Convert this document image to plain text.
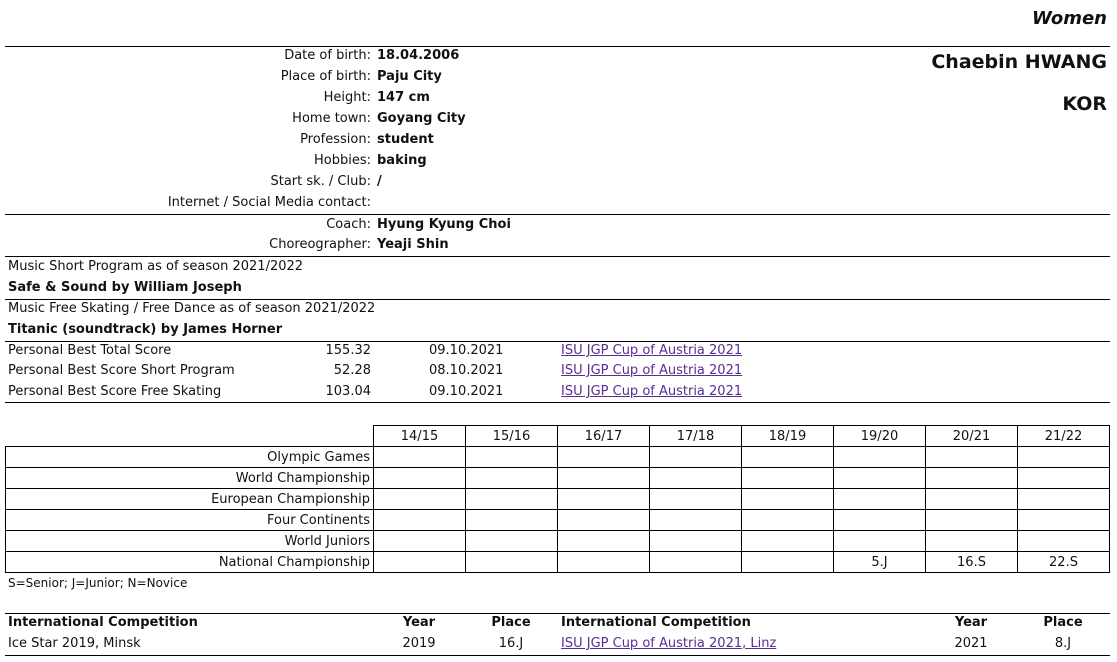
Women
Chaebin HWANG
KOR
Date of birth: 18.04.2006
Place of birth: Paju City
Height: 147 cm
Home town: Goyang City
Profession: student
Hobbies: baking
Start sk. / Club: /
Internet / Social Media contact:
Coach: Hyung Kyung Choi
Choreographer: Yeaji Shin
Music Short Program as of season 2021/2022
Safe & Sound by William Joseph
Music Free Skating / Free Dance as of season 2021/2022
Titanic (soundtrack) by James Horner
Personal Best Total Score	155.32	09.10.2021	ISU JGP Cup of Austria 2021
Personal Best Score Short Program	52.28	08.10.2021	ISU JGP Cup of Austria 2021
Personal Best Score Free Skating	103.04	09.10.2021	ISU JGP Cup of Austria 2021
	14/15	15/16	16/17	17/18	18/19	19/20	20/21	21/22
Olympic Games								
World Championship								
European Championship								
Four Continents								
World Juniors								
National Championship						5.J	16.S	22.S
S=Senior; J=Junior; N=Novice
International Competition	Year	Place	International Competition	Year	Place
Ice Star 2019, Minsk	2019	16.J	ISU JGP Cup of Austria 2021, Linz	2021	8.J
